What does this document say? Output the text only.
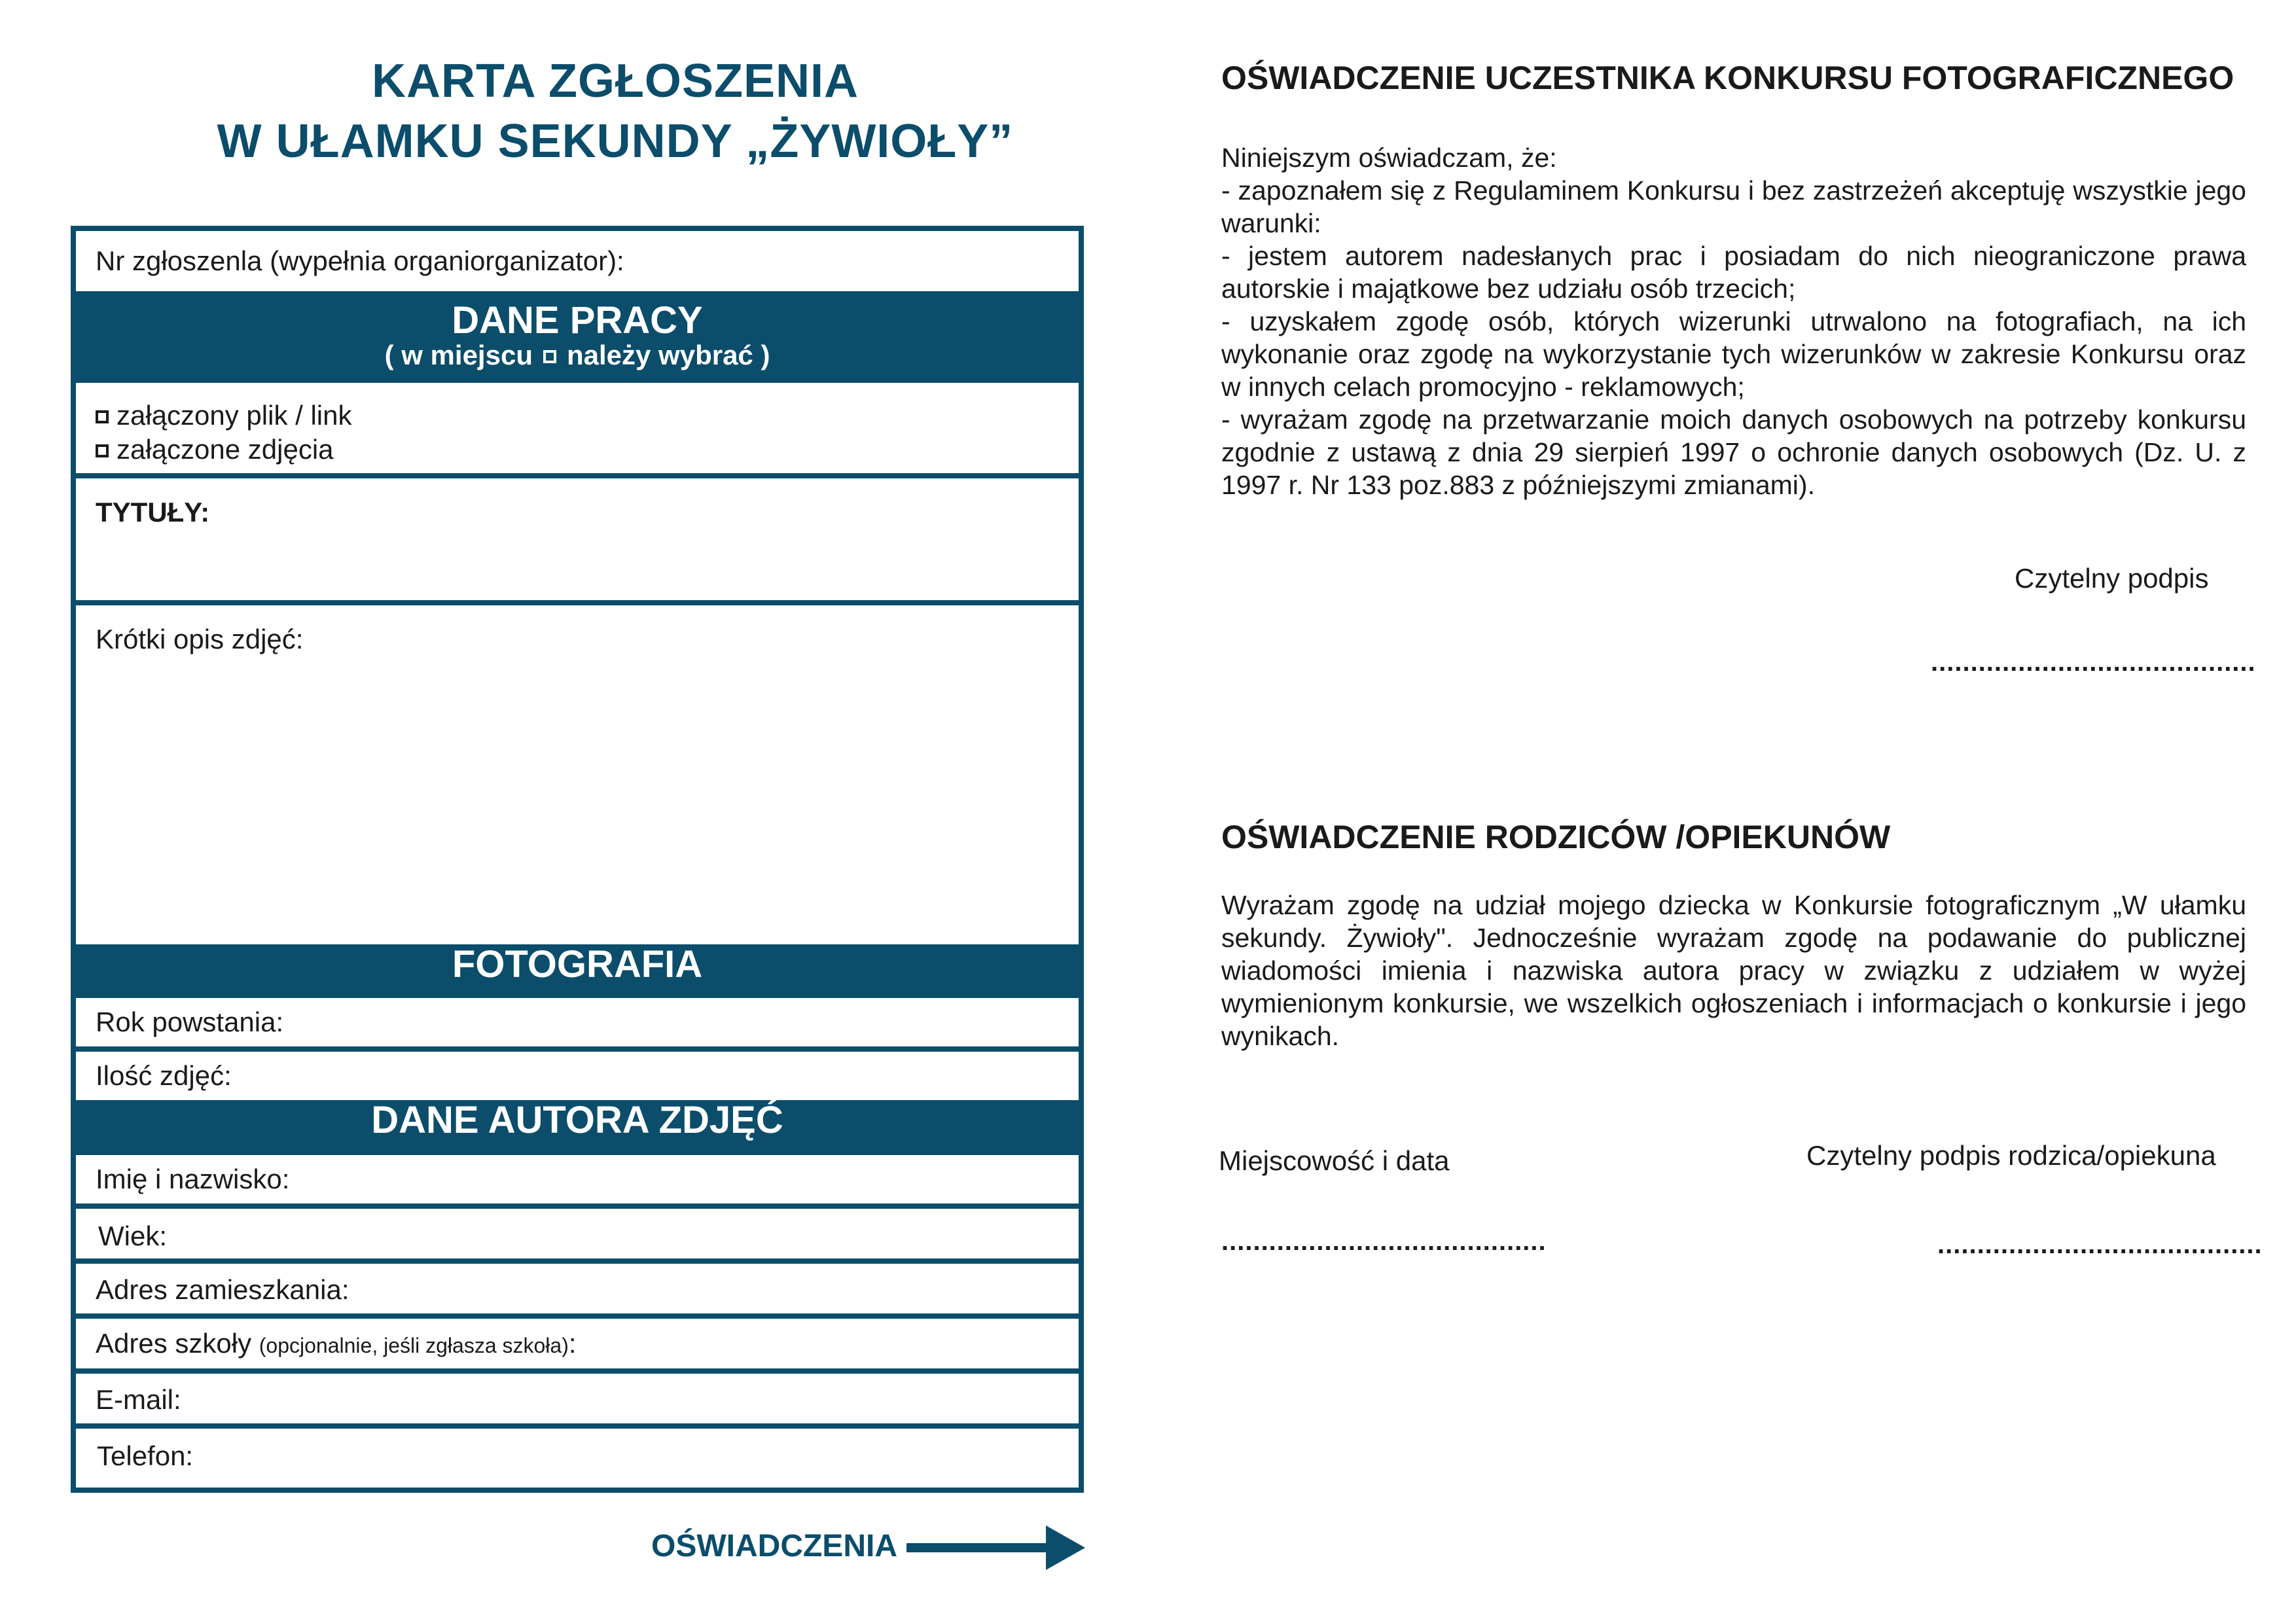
KARTA ZGŁOSZENIA
W UŁAMKU SEKUNDY „ŻYWIOŁY”
Nr zgłoszenla (wypełnia organiorganizator):
DANE PRACY
( w miejscu należy wybrać )
załączony plik / link
załączone zdjęcia
TYTUŁY:
Krótki opis zdjęć:
FOTOGRAFIA
Rok powstania:
Ilość zdjęć:
DANE AUTORA ZDJĘĆ
Imię i nazwisko:
Wiek:
Adres zamieszkania:
Adres szkoły (opcjonalnie, jeśli zgłasza szkoła):
E-mail:
Telefon:
OŚWIADCZENIA
OŚWIADCZENIE UCZESTNIKA KONKURSU FOTOGRAFICZNEGO
Niniejszym oświadczam, że:
- zapoznałem się z Regulaminem Konkursu i bez zastrzeżeń akceptuję wszystkie jego warunki:
- jestem autorem nadesłanych prac i posiadam do nich nieograniczone prawa autorskie i majątkowe bez udziału osób trzecich;
- uzyskałem zgodę osób, których wizerunki utrwalono na fotografiach, na ich wykonanie oraz zgodę na wykorzystanie tych wizerunków w zakresie Konkursu oraz w innych celach promocyjno - reklamowych;
- wyrażam zgodę na przetwarzanie moich danych osobowych na potrzeby konkursu zgodnie z ustawą z dnia 29 sierpień 1997 o ochronie danych osobowych (Dz. U. z 1997 r. Nr 133 poz.883 z późniejszymi zmianami).
Czytelny podpis
.........................................
OŚWIADCZENIE RODZICÓW /OPIEKUNÓW
Wyrażam zgodę na udział mojego dziecka w Konkursie fotograficznym „W ułamku sekundy. Żywioły". Jednocześnie wyrażam zgodę na podawanie do publicznej wiadomości imienia i nazwiska autora pracy w związku z udziałem w wyżej wymienionym konkursie, we wszelkich ogłoszeniach i informacjach o konkursie i jego wynikach.
Miejscowość i data
.........................................
Czytelny podpis rodzica/opiekuna
.........................................
